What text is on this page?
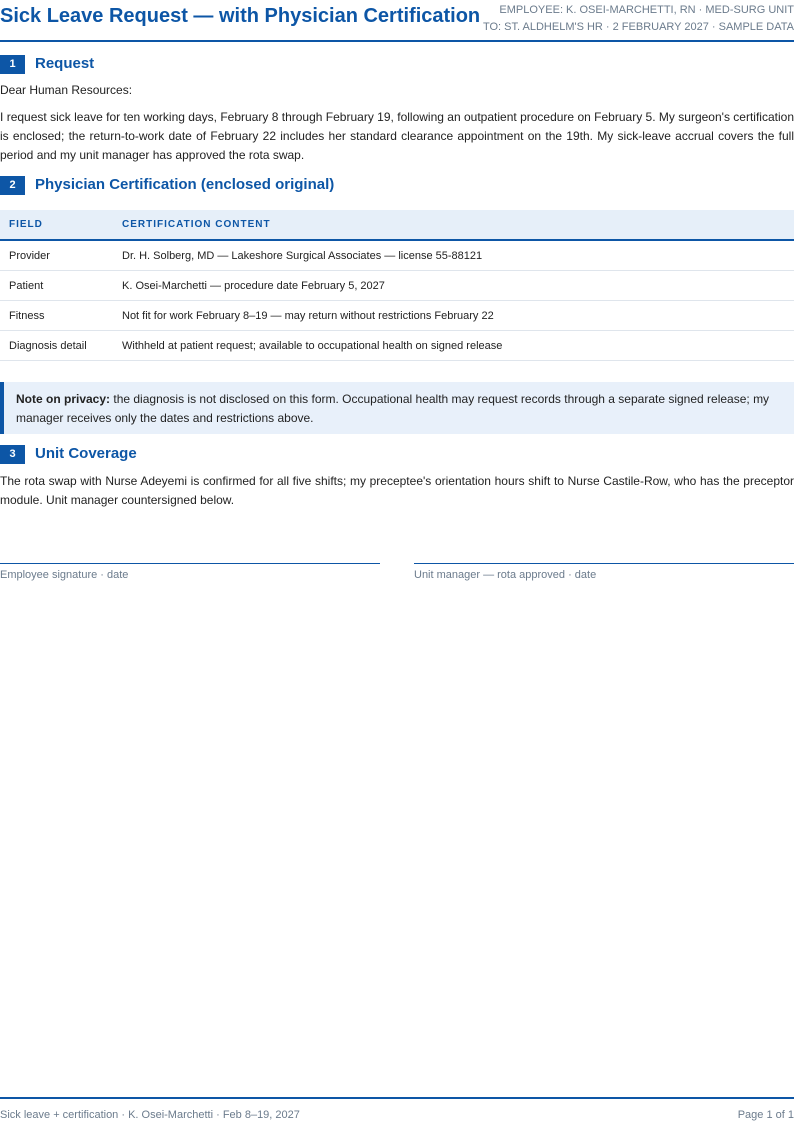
Sick Leave Request — with Physician Certification	EMPLOYEE: K. OSEI-MARCHETTI, RN · MED-SURG UNIT
TO: ST. ALDHELM'S HR · 2 FEBRUARY 2027 · SAMPLE DATA
1	Request

Dear Human Resources:

I request sick leave for ten working days, February 8 through February 19, following an outpatient procedure on February 5. My surgeon's certification is enclosed; the return-to-work date of February 22 includes her standard clearance appointment on the 19th. My sick-leave accrual covers the full period and my unit manager has approved the rota swap.

2	Physician Certification (enclosed original)
FIELD	CERTIFICATION CONTENT
Provider	Dr. H. Solberg, MD — Lakeshore Surgical Associates — license 55-88121
Patient	K. Osei-Marchetti — procedure date February 5, 2027
Fitness	Not fit for work February 8–19 — may return without restrictions February 22
Diagnosis detail	Withheld at patient request; available to occupational health on signed release
Note on privacy: the diagnosis is not disclosed on this form. Occupational health may request records through a separate signed release; my manager receives only the dates and restrictions above.
3	Unit Coverage

The rota swap with Nurse Adeyemi is confirmed for all five shifts; my preceptee's orientation hours shift to Nurse Castile-Row, who has the preceptor module. Unit manager countersigned below.

Employee signature · date	Unit manager — rota approved · date
Sick leave + certification · K. Osei-Marchetti · Feb 8–19, 2027	Page 1 of 1
